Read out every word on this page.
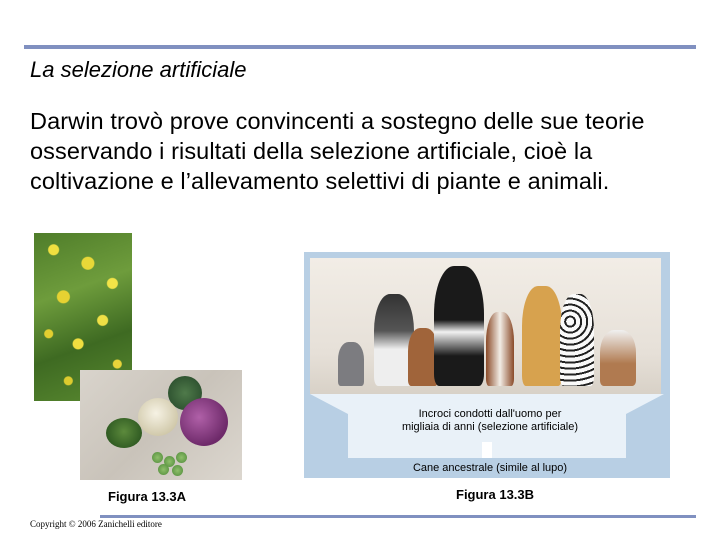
La selezione artificiale
Darwin trovò prove convincenti a sostegno delle sue teorie osservando i risultati della selezione artificiale, cioè la coltivazione e l’allevamento selettivi di piante e animali.
Figura 13.3A
Incroci condotti dall'uomo per migliaia di anni (selezione artificiale)
Cane ancestrale (simile al lupo)
Figura 13.3B
Copyright © 2006 Zanichelli editore
